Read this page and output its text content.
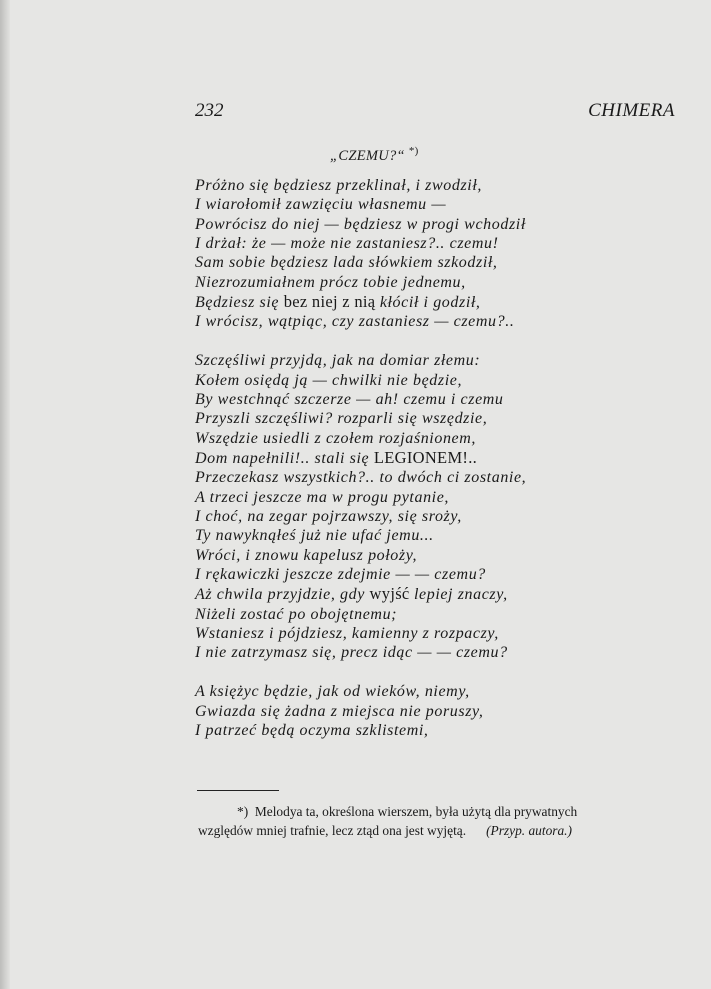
232	CHIMERA
„CZEMU?“ *)
Próżno się będziesz przeklinał, i zwodził,
I wiarołomił zawzięciu własnemu —
Powrócisz do niej — będziesz w progi wchodził
I drżał: że — może nie zastaniesz?.. czemu!
Sam sobie będziesz lada słówkiem szkodził,
Niezrozumiałnem prócz tobie jednemu,
Będziesz się bez niej z nią kłócił i godził,
I wrócisz, wątpiąc, czy zastaniesz — czemu?..
Szczęśliwi przyjdą, jak na domiar złemu:
Kołem osiędą ją — chwilki nie będzie,
By westchnąć szczerze — ah! czemu i czemu
Przyszli szczęśliwi? rozparli się wszędzie,
Wszędzie usiedli z czołem rozjaśnionem,
Dom napełnili!.. stali się LEGIONEM!..
Przeczekasz wszystkich?.. to dwóch ci zostanie,
A trzeci jeszcze ma w progu pytanie,
I choć, na zegar pojrzawszy, się sroży,
Ty nawyknąłeś już nie ufać jemu...
Wróci, i znowu kapelusz położy,
I rękawiczki jeszcze zdejmie — — czemu?
Aż chwila przyjdzie, gdy wyjść lepiej znaczy,
Niżeli zostać po obojętnemu;
Wstaniesz i pójdziesz, kamienny z rozpaczy,
I nie zatrzymasz się, precz idąc — — czemu?
A księżyc będzie, jak od wieków, niemy,
Gwiazda się żadna z miejsca nie poruszy,
I patrzeć będą oczyma szklistemi,
*) Melodya ta, określona wierszem, była użytą dla prywatnych
względów mniej trafnie, lecz ztąd ona jest wyjętą. (Przyp. autora.)
